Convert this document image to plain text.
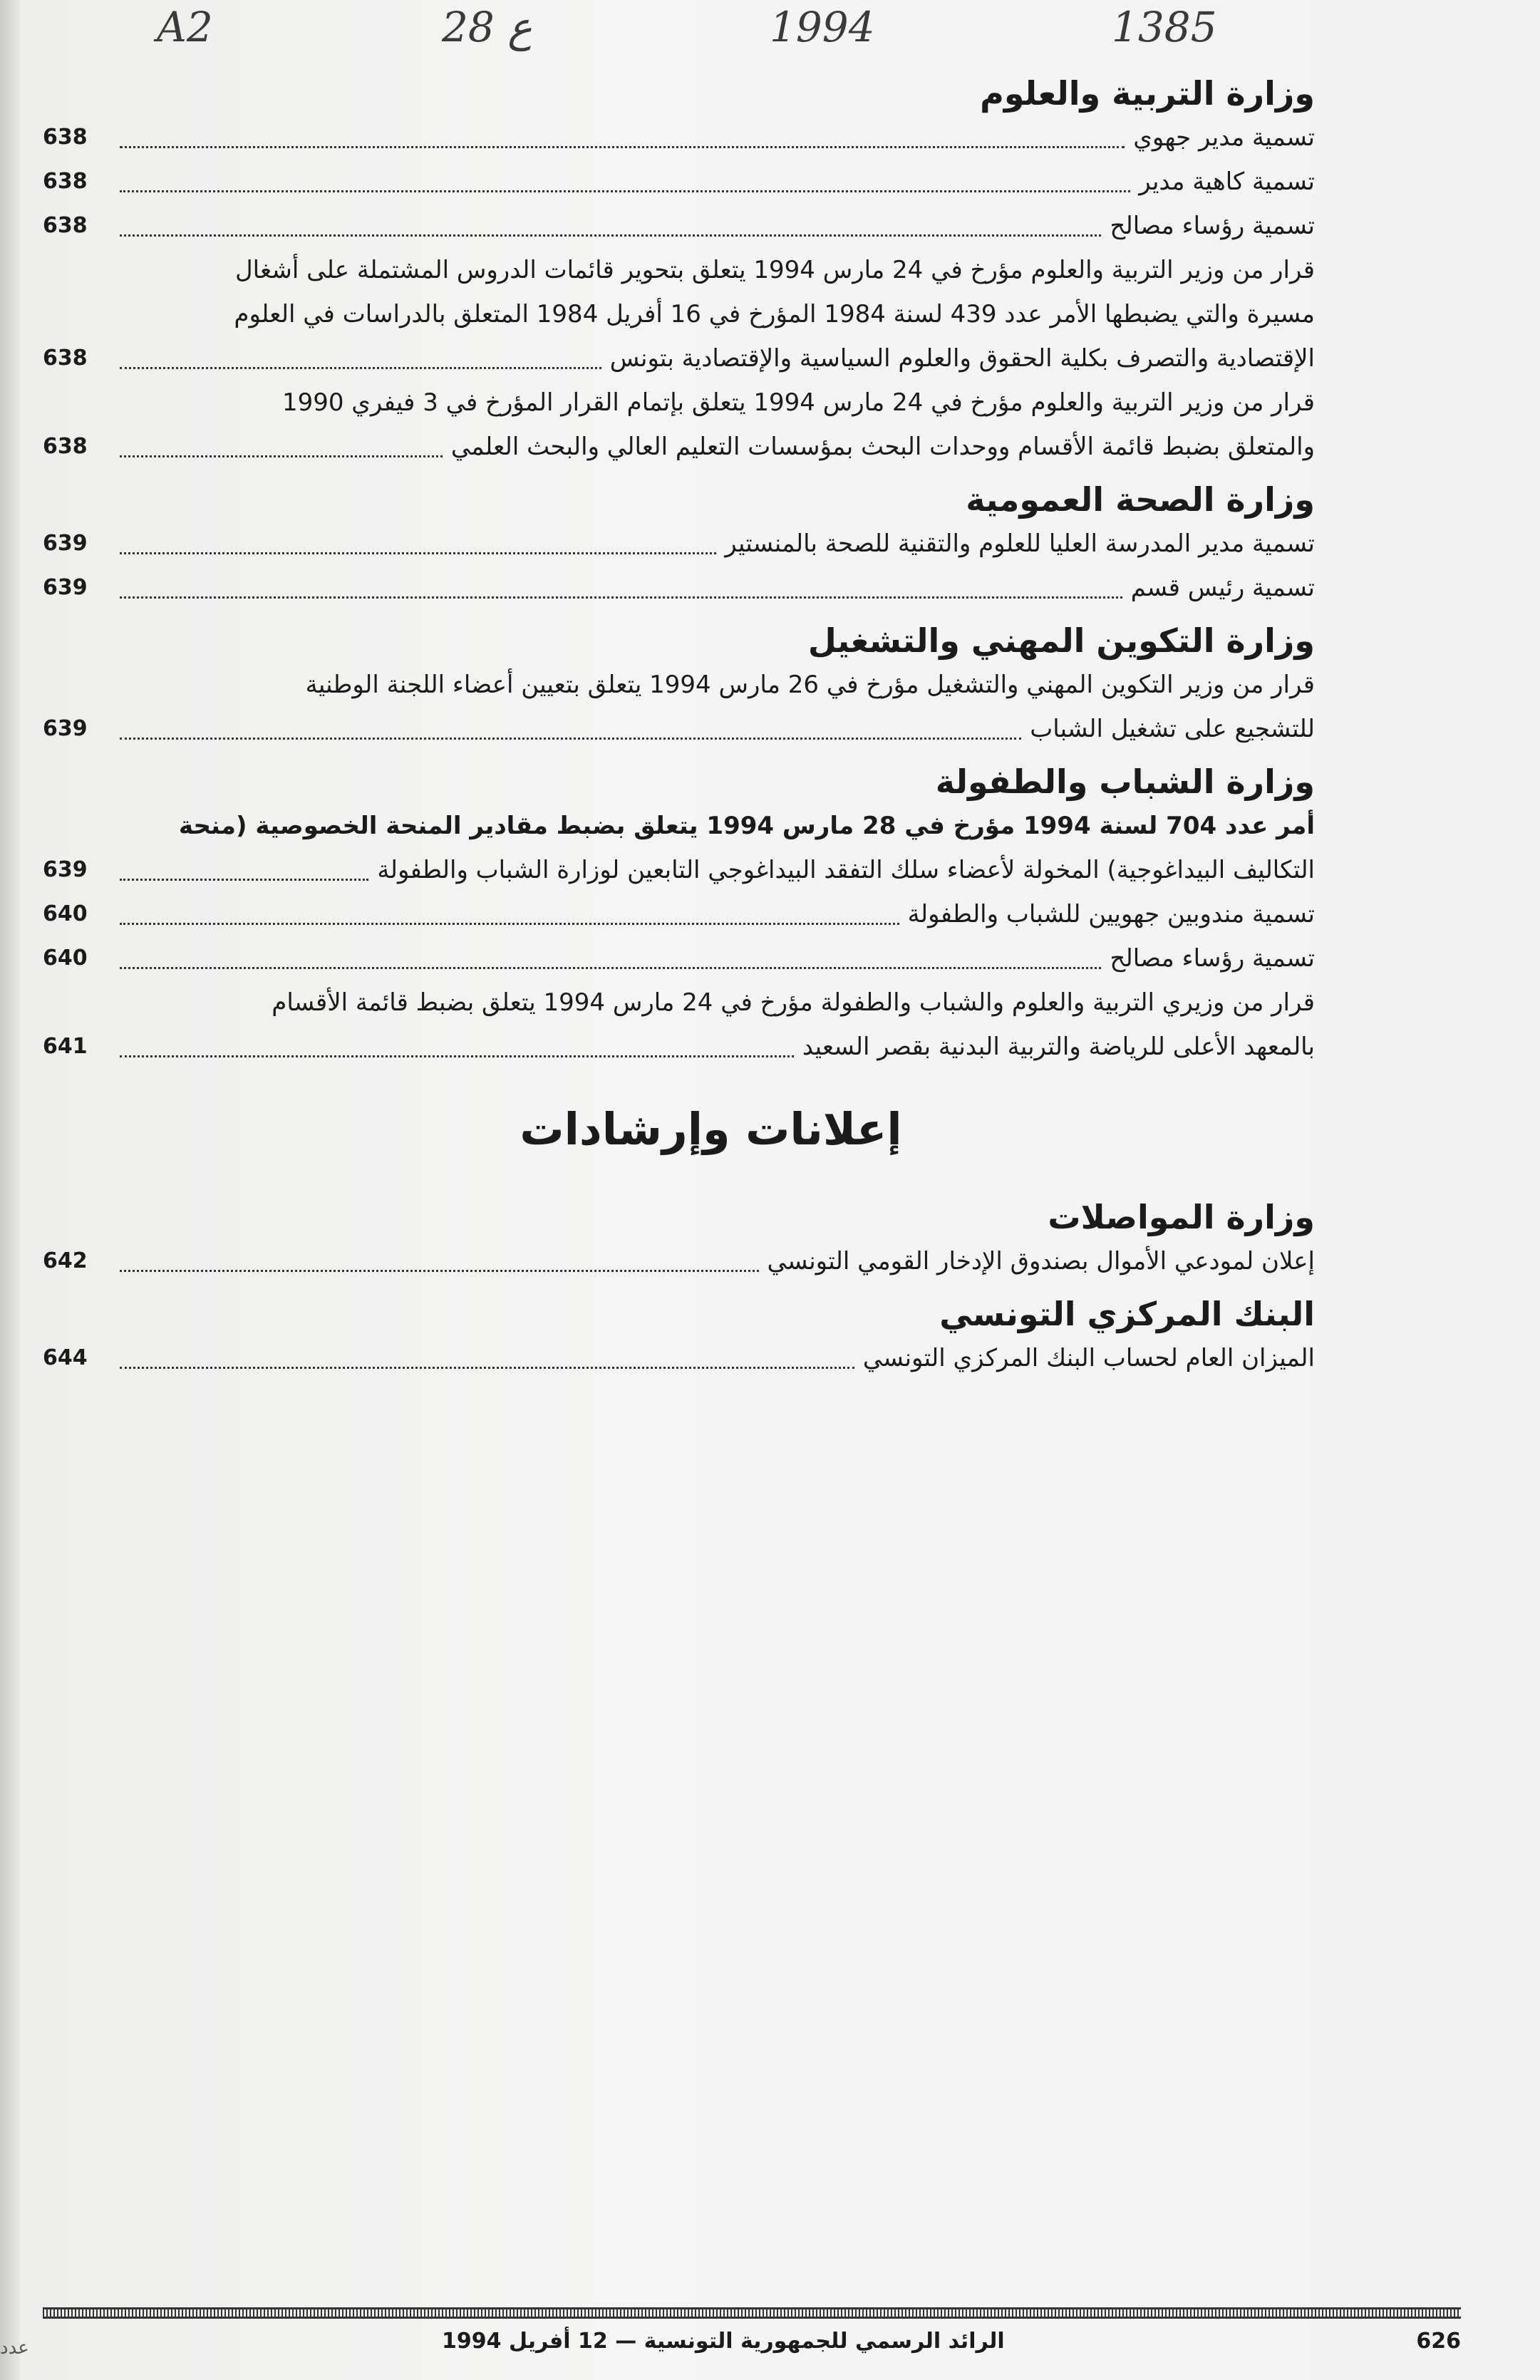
A2	28 ع	1994	1385
وزارة التربية والعلوم
638	تسمية مدير جهوي
638	تسمية كاهية مدير
638	تسمية رؤساء مصالح
قرار من وزير التربية والعلوم مؤرخ في 24 مارس 1994 يتعلق بتحوير قائمات الدروس المشتملة على أشغال
مسيرة والتي يضبطها الأمر عدد 439 لسنة 1984 المؤرخ في 16 أفريل 1984 المتعلق بالدراسات في العلوم
638	الإقتصادية والتصرف بكلية الحقوق والعلوم السياسية والإقتصادية بتونس
قرار من وزير التربية والعلوم مؤرخ في 24 مارس 1994 يتعلق بإتمام القرار المؤرخ في 3 فيفري 1990
638	والمتعلق بضبط قائمة الأقسام ووحدات البحث بمؤسسات التعليم العالي والبحث العلمي
وزارة الصحة العمومية
639	تسمية مدير المدرسة العليا للعلوم والتقنية للصحة بالمنستير
639	تسمية رئيس قسم
وزارة التكوين المهني والتشغيل
قرار من وزير التكوين المهني والتشغيل مؤرخ في 26 مارس 1994 يتعلق بتعيين أعضاء اللجنة الوطنية
639	للتشجيع على تشغيل الشباب
وزارة الشباب والطفولة
أمر عدد 704 لسنة 1994 مؤرخ في 28 مارس 1994 يتعلق بضبط مقادير المنحة الخصوصية (منحة
639	التكاليف البيداغوجية) المخولة لأعضاء سلك التفقد البيداغوجي التابعين لوزارة الشباب والطفولة
640	تسمية مندوبين جهويين للشباب والطفولة
640	تسمية رؤساء مصالح
قرار من وزيري التربية والعلوم والشباب والطفولة مؤرخ في 24 مارس 1994 يتعلق بضبط قائمة الأقسام
641	بالمعهد الأعلى للرياضة والتربية البدنية بقصر السعيد
إعلانات وإرشادات
وزارة المواصلات
642	إعلان لمودعي الأموال بصندوق الإدخار القومي التونسي
البنك المركزي التونسي
644	الميزان العام لحساب البنك المركزي التونسي
626
الرائد الرسمي للجمهورية التونسية — 12 أفريل 1994
عدد
